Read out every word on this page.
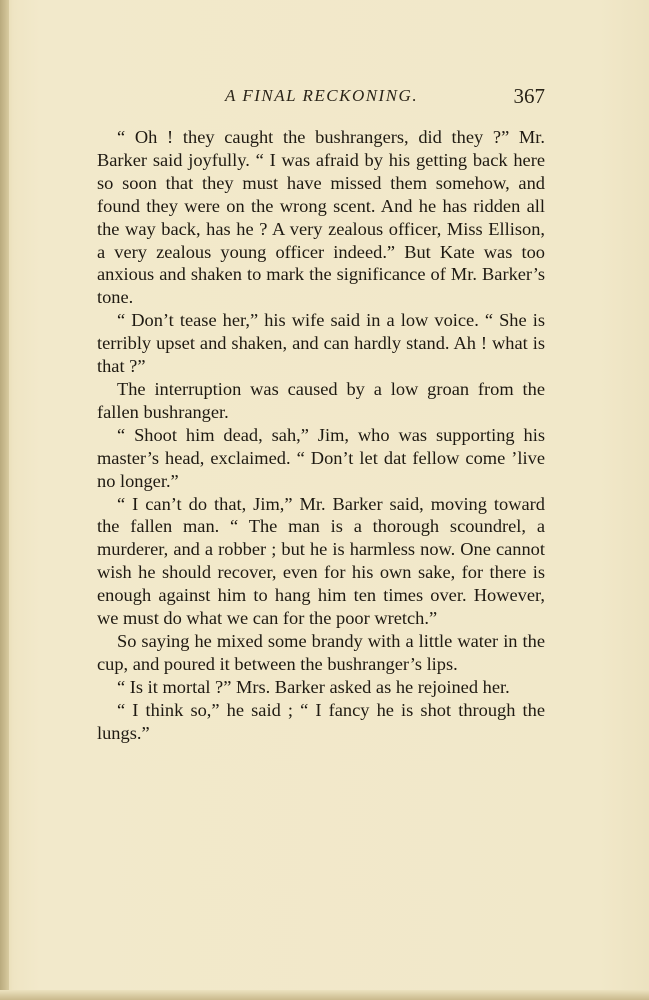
A FINAL RECKONING.	367

“ Oh ! they caught the bushrangers, did they ?” Mr. Barker said joyfully. “ I was afraid by his getting back here so soon that they must have missed them somehow, and found they were on the wrong scent. And he has ridden all the way back, has he ? A very zealous officer, Miss Ellison, a very zealous young officer indeed.” But Kate was too anxious and shaken to mark the significance of Mr. Barker’s tone.

“ Don’t tease her,” his wife said in a low voice. “ She is terribly upset and shaken, and can hardly stand. Ah ! what is that ?”

The interruption was caused by a low groan from the fallen bushranger.

“ Shoot him dead, sah,” Jim, who was supporting his master’s head, exclaimed. “ Don’t let dat fellow come ’live no longer.”

“ I can’t do that, Jim,” Mr. Barker said, moving toward the fallen man. “ The man is a thorough scoundrel, a murderer, and a robber ; but he is harmless now. One cannot wish he should recover, even for his own sake, for there is enough against him to hang him ten times over. However, we must do what we can for the poor wretch.”

So saying he mixed some brandy with a little water in the cup, and poured it between the bushranger’s lips.

“ Is it mortal ?” Mrs. Barker asked as he rejoined her.

“ I think so,” he said ; “ I fancy he is shot through the lungs.”
